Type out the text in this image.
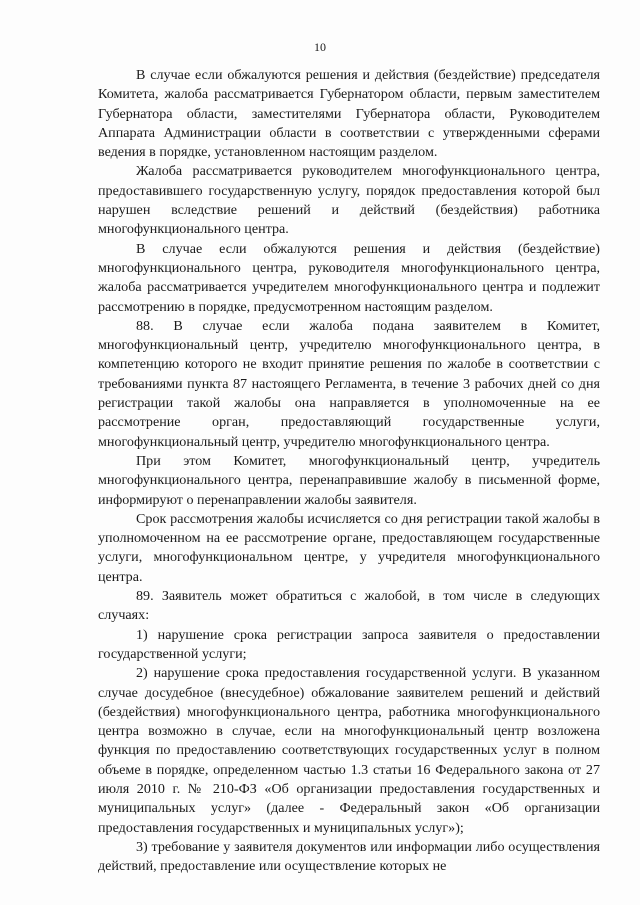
10

В случае если обжалуются решения и действия (бездействие) председателя Комитета, жалоба рассматривается Губернатором области, первым заместителем Губернатора области, заместителями Губернатора области, Руководителем Аппарата Администрации области в соответствии с утвержденными сферами ведения в порядке, установленном настоящим разделом.

Жалоба рассматривается руководителем многофункционального центра, предоставившего государственную услугу, порядок предоставления которой был нарушен вследствие решений и действий (бездействия) работника многофункционального центра.

В случае если обжалуются решения и действия (бездействие) многофункционального центра, руководителя многофункционального центра, жалоба рассматривается учредителем многофункционального центра и подлежит рассмотрению в порядке, предусмотренном настоящим разделом.

88. В случае если жалоба подана заявителем в Комитет, многофункциональный центр, учредителю многофункционального центра, в компетенцию которого не входит принятие решения по жалобе в соответствии с требованиями пункта 87 настоящего Регламента, в течение 3 рабочих дней со дня регистрации такой жалобы она направляется в уполномоченные на ее рассмотрение орган, предоставляющий государственные услуги, многофункциональный центр, учредителю многофункционального центра.

При этом Комитет, многофункциональный центр, учредитель многофункционального центра, перенаправившие жалобу в письменной форме, информируют о перенаправлении жалобы заявителя.

Срок рассмотрения жалобы исчисляется со дня регистрации такой жалобы в уполномоченном на ее рассмотрение органе, предоставляющем государственные услуги, многофункциональном центре, у учредителя многофункционального центра.

89. Заявитель может обратиться с жалобой, в том числе в следующих случаях:

1) нарушение срока регистрации запроса заявителя о предоставлении государственной услуги;

2) нарушение срока предоставления государственной услуги. В указанном случае досудебное (внесудебное) обжалование заявителем решений и действий (бездействия) многофункционального центра, работника многофункционального центра возможно в случае, если на многофункциональный центр возложена функция по предоставлению соответствующих государственных услуг в полном объеме в порядке, определенном частью 1.3 статьи 16 Федерального закона от 27 июля 2010 г. № 210-ФЗ «Об организации предоставления государственных и муниципальных услуг» (далее - Федеральный закон «Об организации предоставления государственных и муниципальных услуг»);

3) требование у заявителя документов или информации либо осуществления действий, предоставление или осуществление которых не
